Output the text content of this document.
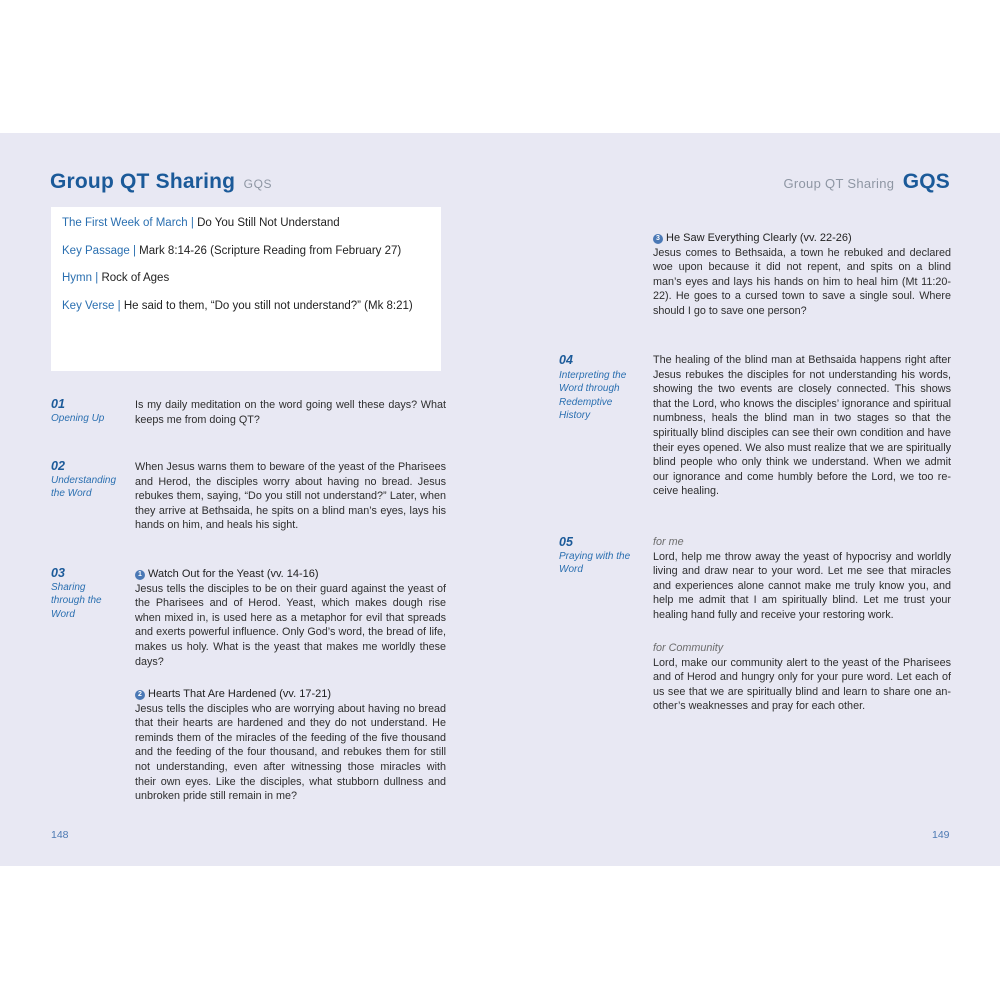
Group QT Sharing GQS
The First Week of March | Do You Still Not Understand
Key Passage | Mark 8:14-26 (Scripture Reading from February 27)
Hymn | Rock of Ages
Key Verse | He said to them, “Do you still not understand?” (Mk 8:21)
01
Opening Up
Is my daily meditation on the word going well these days? What keeps me from doing QT?
02
Understanding the Word
When Jesus warns them to beware of the yeast of the Pharisees and Herod, the disciples worry about having no bread. Jesus rebukes them, saying, “Do you still not understand?” Later, when they arrive at Bethsaida, he spits on a blind man’s eyes, lays his hands on him, and heals his sight.
03
Sharing through the Word
1 Watch Out for the Yeast (vv. 14-16)
Jesus tells the disciples to be on their guard against the yeast of the Pharisees and of Herod. Yeast, which makes dough rise when mixed in, is used here as a metaphor for evil that spreads and exerts powerful influence. Only God’s word, the bread of life, makes us holy. What is the yeast that makes me worldly these days?
2 Hearts That Are Hardened (vv. 17-21)
Jesus tells the disciples who are worrying about having no bread that their hearts are hardened and they do not understand. He reminds them of the miracles of the feeding of the five thousand and the feeding of the four thousand, and rebukes them for still not understanding, even after witnessing those miracles with their own eyes. Like the disciples, what stubborn dullness and unbroken pride still remain in me?
148
Group QT Sharing GQS
3 He Saw Everything Clearly (vv. 22-26)
Jesus comes to Bethsaida, a town he rebuked and declared woe upon because it did not repent, and spits on a blind man’s eyes and lays his hands on him to heal him (Mt 11:20-22). He goes to a cursed town to save a single soul. Where should I go to save one person?
04
Interpreting the Word through Redemptive History
The healing of the blind man at Bethsaida happens right after Jesus rebukes the disciples for not understanding his words, showing the two events are closely connected. This shows that the Lord, who knows the disciples’ ignorance and spiritual numbness, heals the blind man in two stages so that the spiritually blind disciples can see their own condition and have their eyes opened. We also must realize that we are spiritually blind people who only think we understand. When we admit our ignorance and come humbly before the Lord, we too receive healing.
05
Praying with the Word
for me
Lord, help me throw away the yeast of hypocrisy and worldly living and draw near to your word. Let me see that miracles and experiences alone cannot make me truly know you, and help me admit that I am spiritually blind. Let me trust your healing hand fully and receive your restoring work.
for Community
Lord, make our community alert to the yeast of the Pharisees and of Herod and hungry only for your pure word. Let each of us see that we are spiritually blind and learn to share one another’s weaknesses and pray for each other.
149
